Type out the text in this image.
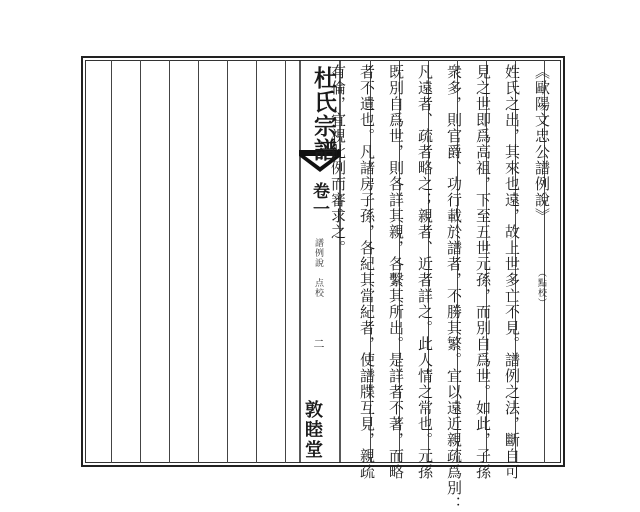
杜氏宗譜
卷一
譜例說　点校
二
敦睦堂
《歐陽文忠公譜例說》
（點校）
姓氏之出，其來也遠，故上世多亡不見。譜例之法，斷自可
見之世即爲高祖，下至五世元孫，而別自爲世。如此，子孫
衆多，則官爵、功行載於譜者，不勝其繁。宜以遠近親疏爲別：
凡遠者、疏者略之；親者、近者詳之。此人情之常也。元孫
既別自爲世，則各詳其親，各繫其所出。是詳者不著，而略
者不遺也。凡諸房子孫，各紀其當紀者，使譜牒互見，親疏
有倫，宜視此例而審求之。
